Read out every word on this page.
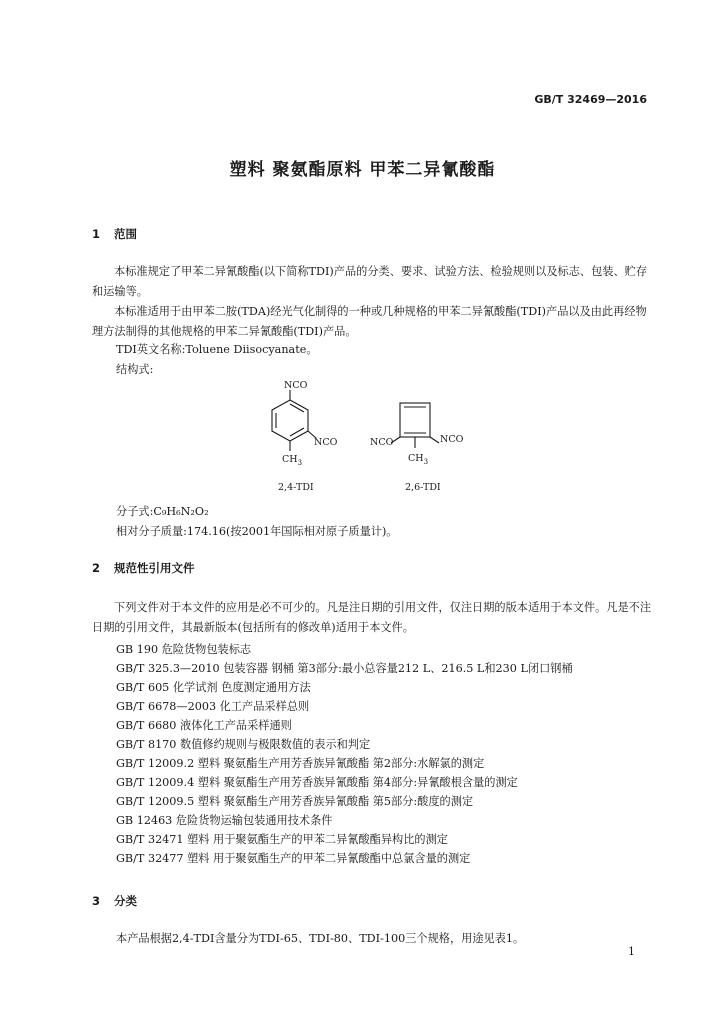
GB/T 32469—2016
塑料 聚氨酯原料 甲苯二异氰酸酯
1 范围
本标准规定了甲苯二异氰酸酯(以下简称TDI)产品的分类、要求、试验方法、检验规则以及标志、包装、贮存和运输等。
本标准适用于由甲苯二胺(TDA)经光气化制得的一种或几种规格的甲苯二异氰酸酯(TDI)产品以及由此再经物理方法制得的其他规格的甲苯二异氰酸酯(TDI)产品。
TDI英文名称:Toluene Diisocyanate。
结构式:
NCO
NCO
$CH_3$
NCO	NCO
$CH_3$
2,4-TDI	2,6-TDI
分子式:C₉H₆N₂O₂
相对分子质量:174.16(按2001年国际相对原子质量计)。
2 规范性引用文件
下列文件对于本文件的应用是必不可少的。凡是注日期的引用文件，仅注日期的版本适用于本文件。凡是不注日期的引用文件，其最新版本(包括所有的修改单)适用于本文件。
GB 190 危险货物包装标志
GB/T 325.3—2010 包装容器 钢桶 第3部分:最小总容量212 L、216.5 L和230 L闭口钢桶
GB/T 605 化学试剂 色度测定通用方法
GB/T 6678—2003 化工产品采样总则
GB/T 6680 液体化工产品采样通则
GB/T 8170 数值修约规则与极限数值的表示和判定
GB/T 12009.2 塑料 聚氨酯生产用芳香族异氰酸酯 第2部分:水解氯的测定
GB/T 12009.4 塑料 聚氨酯生产用芳香族异氰酸酯 第4部分:异氰酸根含量的测定
GB/T 12009.5 塑料 聚氨酯生产用芳香族异氰酸酯 第5部分:酸度的测定
GB 12463 危险货物运输包装通用技术条件
GB/T 32471 塑料 用于聚氨酯生产的甲苯二异氰酸酯异构比的测定
GB/T 32477 塑料 用于聚氨酯生产的甲苯二异氰酸酯中总氯含量的测定
3 分类
本产品根据2,4-TDI含量分为TDI-65、TDI-80、TDI-100三个规格，用途见表1。
1
